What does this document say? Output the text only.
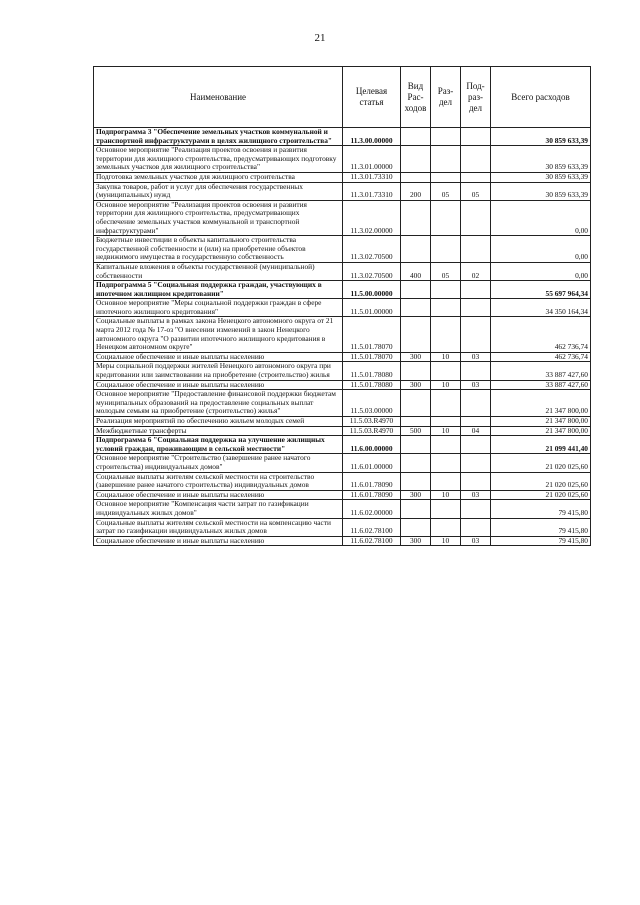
21
Наименование	Целевая статья	Вид Рас- ходов	Раз- дел	Под- раз- дел	Всего расходов
Подпрограмма 3 "Обеспечение земельных участков коммунальной и транспортной инфраструктурами в целях жилищного строительства"	11.3.00.00000				30 859 633,39
Основное мероприятие "Реализация проектов освоения и развития территории для жилищного строительства, предусматривающих подготовку земельных участков для жилищного строительства"	11.3.01.00000				30 859 633,39
Подготовка земельных участков для жилищного строительства	11.3.01.73310				30 859 633,39
Закупка товаров, работ и услуг для обеспечения государственных (муниципальных) нужд	11.3.01.73310	200	05	05	30 859 633,39
Основное мероприятие "Реализация проектов освоения и развития территории для жилищного строительства, предусматривающих обеспечение земельных участков коммунальной и транспортной инфраструктурами"	11.3.02.00000				0,00
Бюджетные инвестиции в объекты капитального строительства государственной собственности и (или) на приобретение объектов недвижимого имущества в государственную собственность	11.3.02.70500				0,00
Капитальные вложения в объекты государственной (муниципальной) собственности	11.3.02.70500	400	05	02	0,00
Подпрограмма 5 "Социальная поддержка граждан, участвующих в ипотечном жилищном кредитовании"	11.5.00.00000				55 697 964,34
Основное мероприятие "Меры социальной поддержки граждан в сфере ипотечного жилищного кредитования"	11.5.01.00000				34 350 164,34
Социальные выплаты в рамках закона Ненецкого автономного округа от 21 марта 2012 года № 17-оз "О внесении изменений в закон Ненецкого автономного округа "О развитии ипотечного жилищного кредитования в Ненецком автономном округе"	11.5.01.78070				462 736,74
Социальное обеспечение и иные выплаты населению	11.5.01.78070	300	10	03	462 736,74
Меры социальной поддержки жителей Ненецкого автономного округа при кредитовании или заимствовании на приобретение (строительство) жилья	11.5.01.78080				33 887 427,60
Социальное обеспечение и иные выплаты населению	11.5.01.78080	300	10	03	33 887 427,60
Основное мероприятие "Предоставление финансовой поддержки бюджетам муниципальных образований на предоставление социальных выплат молодым семьям на приобретение (строительство) жилья"	11.5.03.00000				21 347 800,00
Реализация мероприятий по обеспечению жильем молодых семей	11.5.03.R4970				21 347 800,00
Межбюджетные трансферты	11.5.03.R4970	500	10	04	21 347 800,00
Подпрограмма 6 "Социальная поддержка на улучшение жилищных условий граждан, проживающим в сельской местности"	11.6.00.00000				21 099 441,40
Основное мероприятие "Строительство (завершение ранее начатого строительства) индивидуальных домов"	11.6.01.00000				21 020 025,60
Социальные выплаты жителям сельской местности на строительство (завершение ранее начатого строительства) индивидуальных домов	11.6.01.78090				21 020 025,60
Социальное обеспечение и иные выплаты населению	11.6.01.78090	300	10	03	21 020 025,60
Основное мероприятие "Компенсация части затрат по газификации индивидуальных жилых домов"	11.6.02.00000				79 415,80
Социальные выплаты жителям сельской местности на компенсацию части затрат по газификации индивидуальных жилых домов	11.6.02.78100				79 415,80
Социальное обеспечение и иные выплаты населению	11.6.02.78100	300	10	03	79 415,80
